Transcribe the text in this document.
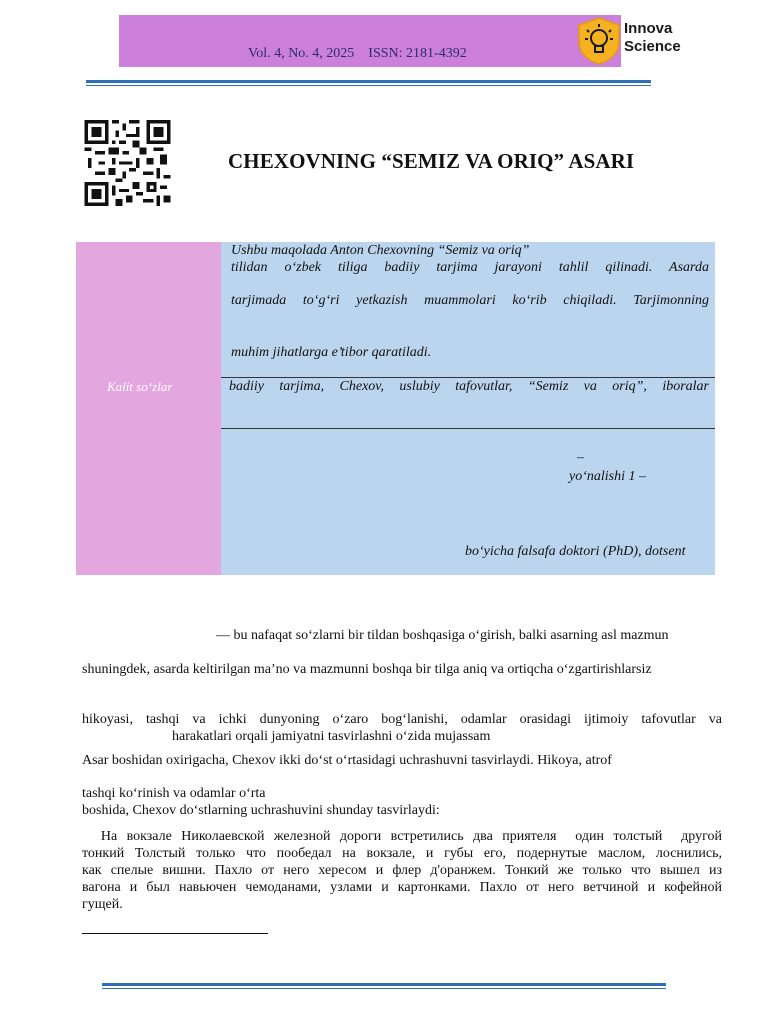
Vol. 4, No. 4, 2025    ISSN: 2181-4392
Innova
Science
CHEXOVNING “SEMIZ VA ORIQ” ASARI
Kalit so‘zlar
Ushbu maqolada Anton Chexovning “Semiz va oriq”
tilidan o‘zbek tiliga badiiy tarjima jarayoni tahlil qilinadi. Asarda
tarjimada to‘g‘ri yetkazish muammolari ko‘rib chiqiladi. Tarjimonning
muhim jihatlarga e’tibor qaratiladi.
badiiy tarjima, Chexov, uslubiy tafovutlar, “Semiz va oriq”, iboralar
–
yo‘nalishi 1 –
bo‘yicha falsafa doktori (PhD), dotsent
— bu nafaqat so‘zlarni bir tildan boshqasiga o‘girish, balki asarning asl mazmun
shuningdek, asarda keltirilgan ma’no va mazmunni boshqa bir tilga aniq va ortiqcha o‘zgartirishlarsiz
hikoyasi, tashqi va ichki dunyoning o‘zaro bog‘lanishi, odamlar orasidagi ijtimoiy tafovutlar va
harakatlari orqali jamiyatni tasvirlashni o‘zida mujassam
Asar boshidan oxirigacha, Chexov ikki do‘st o‘rtasidagi uchrashuvni tasvirlaydi. Hikoya, atrof
tashqi ko‘rinish va odamlar o‘rta
boshida, Chexov do‘stlarning uchrashuvini shunday tasvirlaydi:
На вокзале Николаевской железной дороги встретились два приятеля  один толстый  другой
тонкий Толстый только что пообедал на вокзале, и губы его, подернутые маслом, лоснились,
как спелые вишни. Пахло от него хересом и флер д'оранжем. Тонкий же только что вышел из
вагона и был навьючен чемоданами, узлами и картонками. Пахло от него ветчиной и кофейной
гущей.
